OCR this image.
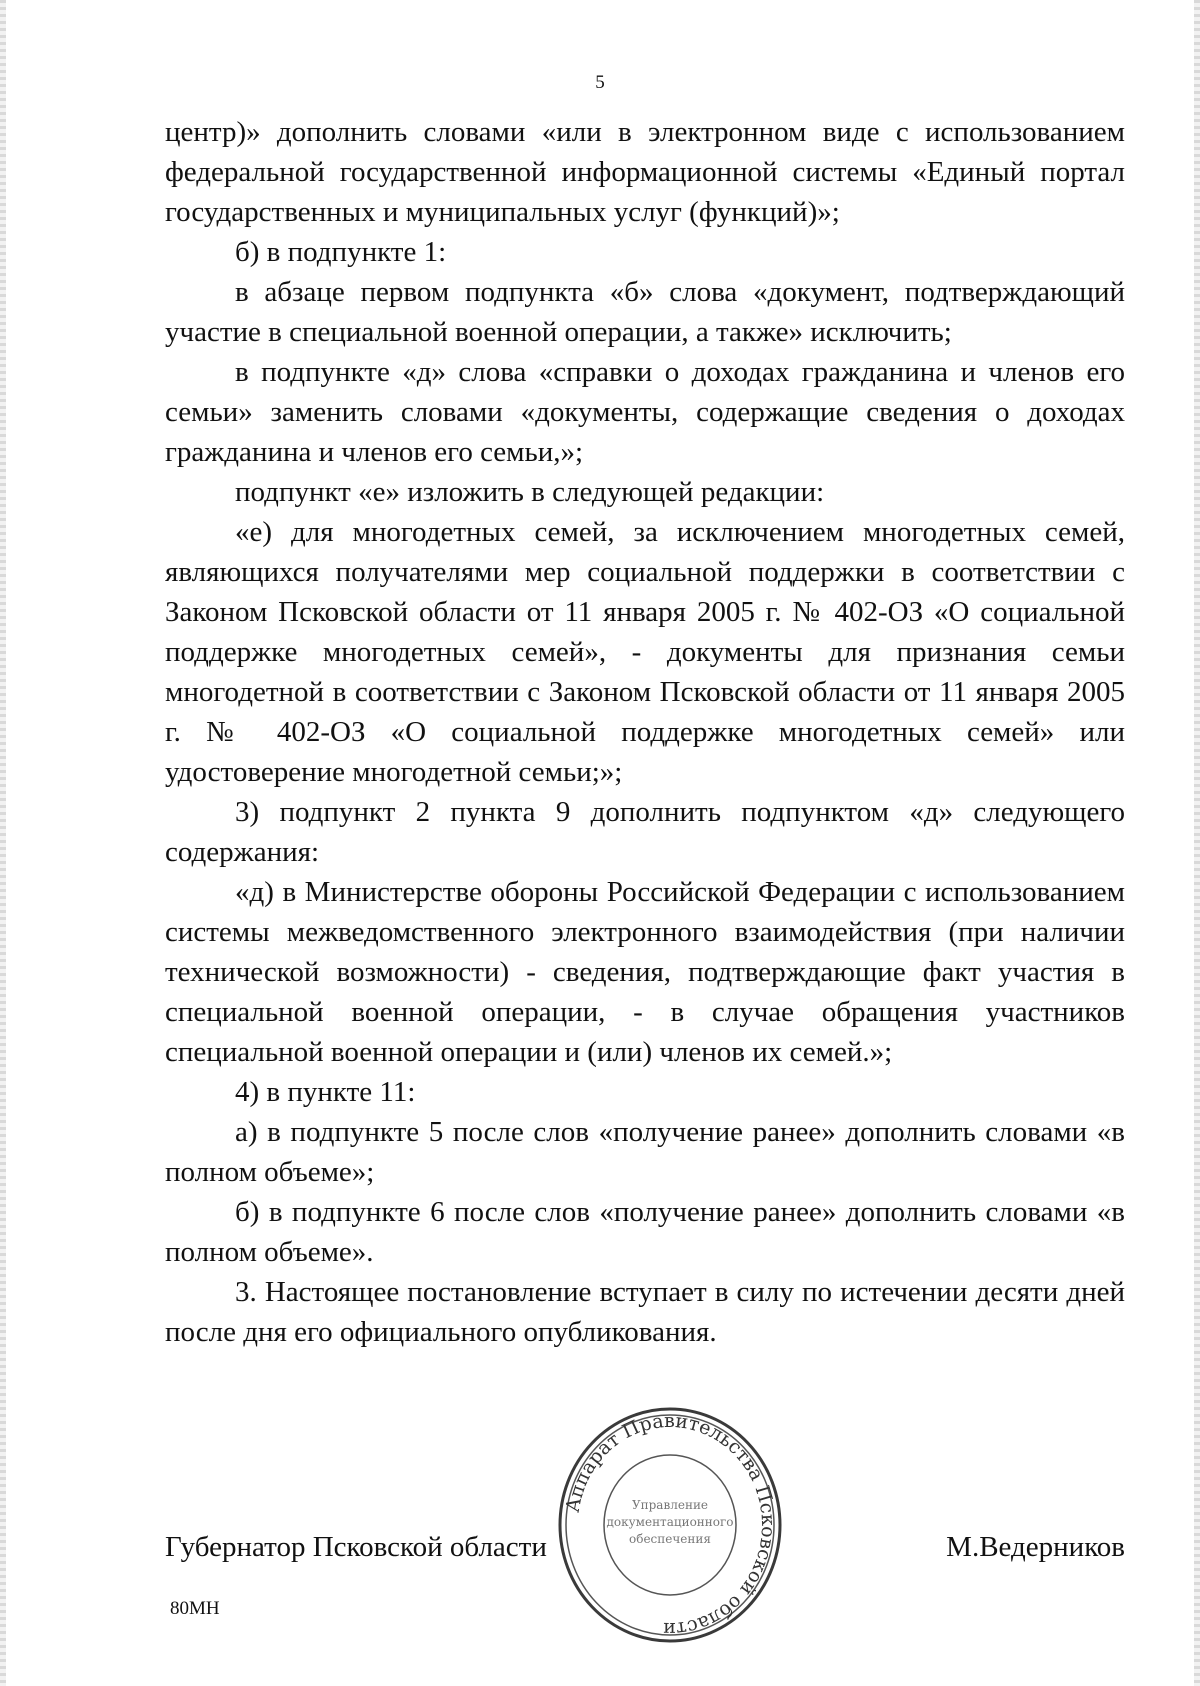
5

центр)» дополнить словами «или в электронном виде с использованием федеральной государственной информационной системы «Единый портал государственных и муниципальных услуг (функций)»;

б) в подпункте 1:

в абзаце первом подпункта «б» слова «документ, подтверждающий участие в специальной военной операции, а также» исключить;

в подпункте «д» слова «справки о доходах гражданина и членов его семьи» заменить словами «документы, содержащие сведения о доходах гражданина и членов его семьи,»;

подпункт «е» изложить в следующей редакции:

«е) для многодетных семей, за исключением многодетных семей, являющихся получателями мер социальной поддержки в соответствии с Законом Псковской области от 11 января 2005 г. № 402-ОЗ «О социальной поддержке многодетных семей», - документы для признания семьи многодетной в соответствии с Законом Псковской области от 11 января 2005 г. № 402-ОЗ «О социальной поддержке многодетных семей» или удостоверение многодетной семьи;»;

3) подпункт 2 пункта 9 дополнить подпунктом «д» следующего содержания:

«д) в Министерстве обороны Российской Федерации с использованием системы межведомственного электронного взаимодействия (при наличии технической возможности) - сведения, подтверждающие факт участия в специальной военной операции, - в случае обращения участников специальной военной операции и (или) членов их семей.»;

4) в пункте 11:

а) в подпункте 5 после слов «получение ранее» дополнить словами «в полном объеме»;

б) в подпункте 6 после слов «получение ранее» дополнить словами «в полном объеме».

3. Настоящее постановление вступает в силу по истечении десяти дней после дня его официального опубликования.

Губернатор Псковской области	М.Ведерников
80МН
Аппарат Правительства Псковской области
Управление
документационного
обеспечения
